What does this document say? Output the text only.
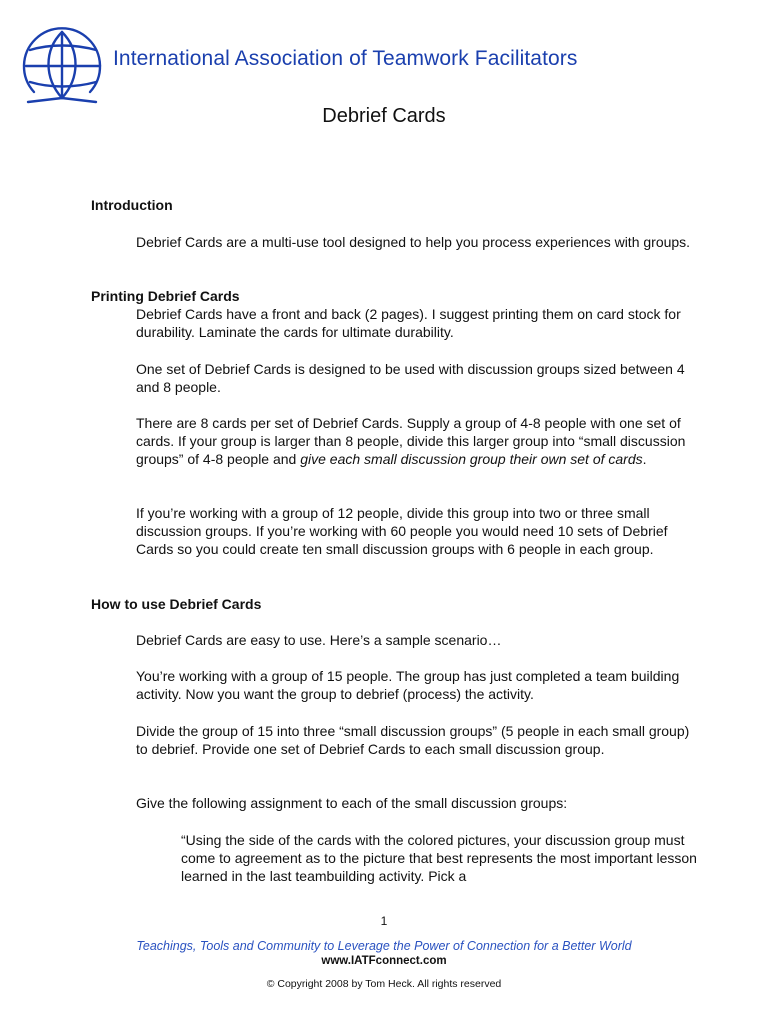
International Association of Teamwork Facilitators
Debrief Cards
Introduction
Debrief Cards are a multi-use tool designed to help you process experiences with groups.
Printing Debrief Cards
Debrief Cards have a front and back (2 pages). I suggest printing them on card stock for durability. Laminate the cards for ultimate durability.
One set of Debrief Cards is designed to be used with discussion groups sized between 4 and 8 people.
There are 8 cards per set of Debrief Cards. Supply a group of 4-8 people with one set of cards. If your group is larger than 8 people, divide this larger group into “small discussion groups” of 4-8 people and give each small discussion group their own set of cards.
If you’re working with a group of 12 people, divide this group into two or three small discussion groups. If you’re working with 60 people you would need 10 sets of Debrief Cards so you could create ten small discussion groups with 6 people in each group.
How to use Debrief Cards
Debrief Cards are easy to use. Here’s a sample scenario…
You’re working with a group of 15 people. The group has just completed a team building activity. Now you want the group to debrief (process) the activity.
Divide the group of 15 into three “small discussion groups” (5 people in each small group) to debrief. Provide one set of Debrief Cards to each small discussion group.
Give the following assignment to each of the small discussion groups:
“Using the side of the cards with the colored pictures, your discussion group must come to agreement as to the picture that best represents the most important lesson learned in the last teambuilding activity. Pick a
1
Teachings, Tools and Community to Leverage the Power of Connection for a Better World
www.IATFconnect.com
© Copyright 2008 by Tom Heck. All rights reserved
